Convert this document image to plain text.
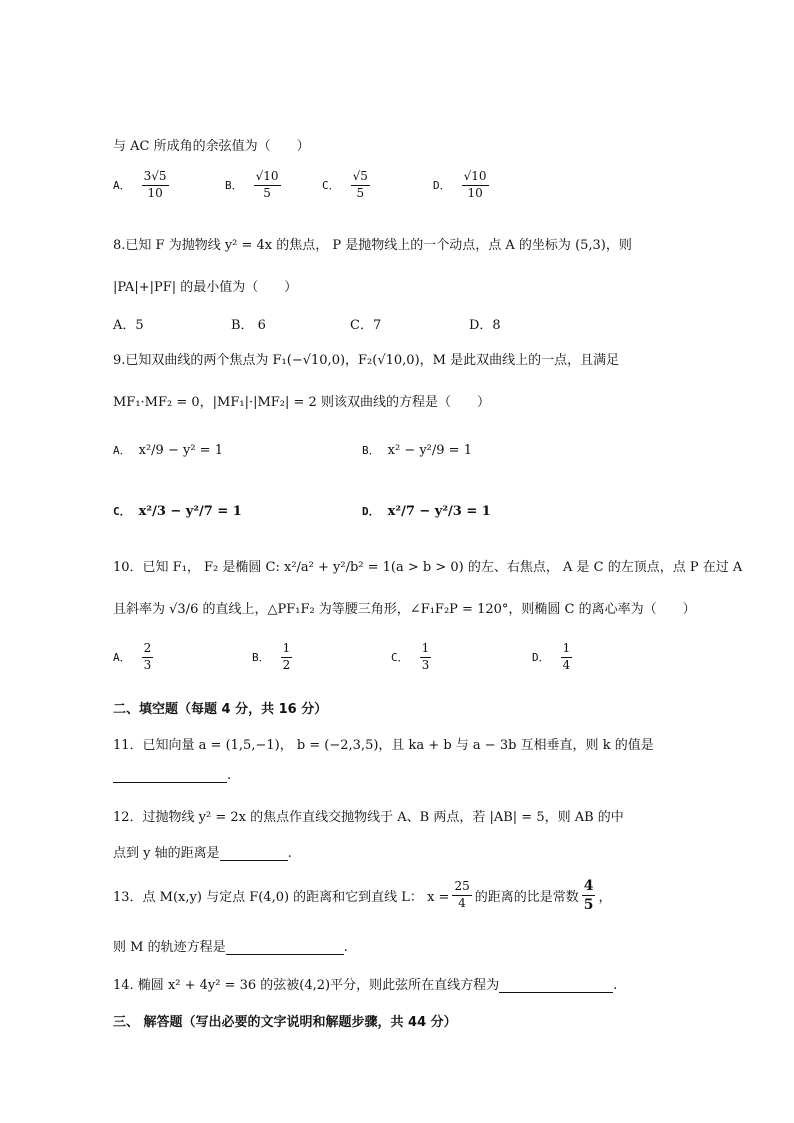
与 AC 所成角的余弦值为（　　）
A． $\frac{3√5}{10}$	B． $\frac{√10}{5}$	C． $\frac{√5}{5}$	D． $\frac{√10}{10}$
8.已知 F 为抛物线 y² = 4x 的焦点， P 是抛物线上的一个动点，点 A 的坐标为 (5,3)，则
|PA|+|PF| 的最小值为（　　）
A．5	B． 6	C．7	D．8
9.已知双曲线的两个焦点为 F₁(−√10,0)，F₂(√10,0)，M 是此双曲线上的一点，且满足
MF₁·MF₂ = 0，|MF₁|·|MF₂| = 2 则该双曲线的方程是（　　）
A． x²/9 − y² = 1	B． x² − y²/9 = 1
C． x²/3 − y²/7 = 1	D． x²/7 − y²/3 = 1
10．已知 F₁， F₂ 是椭圆 C: x²/a² + y²/b² = 1(a > b > 0) 的左、右焦点， A 是 C 的左顶点，点 P 在过 A
且斜率为 √3/6 的直线上，△PF₁F₂ 为等腰三角形，∠F₁F₂P = 120°，则椭圆 C 的离心率为（　　）
A． $\frac{2}{3}$	B． $\frac{1}{2}$	C． $\frac{1}{3}$	D． $\frac{1}{4}$
二、填空题（每题 4 分，共 16 分）
11．已知向量 a = (1,5,−1)， b = (−2,3,5)，且 ka + b 与 a − 3b 互相垂直，则 k 的值是
.
12．过抛物线 y² = 2x 的焦点作直线交抛物线于 A、B 两点，若 |AB| = 5，则 AB 的中
点到 y 轴的距离是	.
13．点 M(x,y) 与定点 F(4,0) 的距离和它到直线 L： $x = \frac{25}{4}$ 的距离的比是常数 $\frac{4}{5}$ ，
则 M 的轨迹方程是	.
14. 椭圆 x² + 4y² = 36 的弦被(4,2)平分，则此弦所在直线方程为	.
三、 解答题（写出必要的文字说明和解题步骤，共 44 分）
